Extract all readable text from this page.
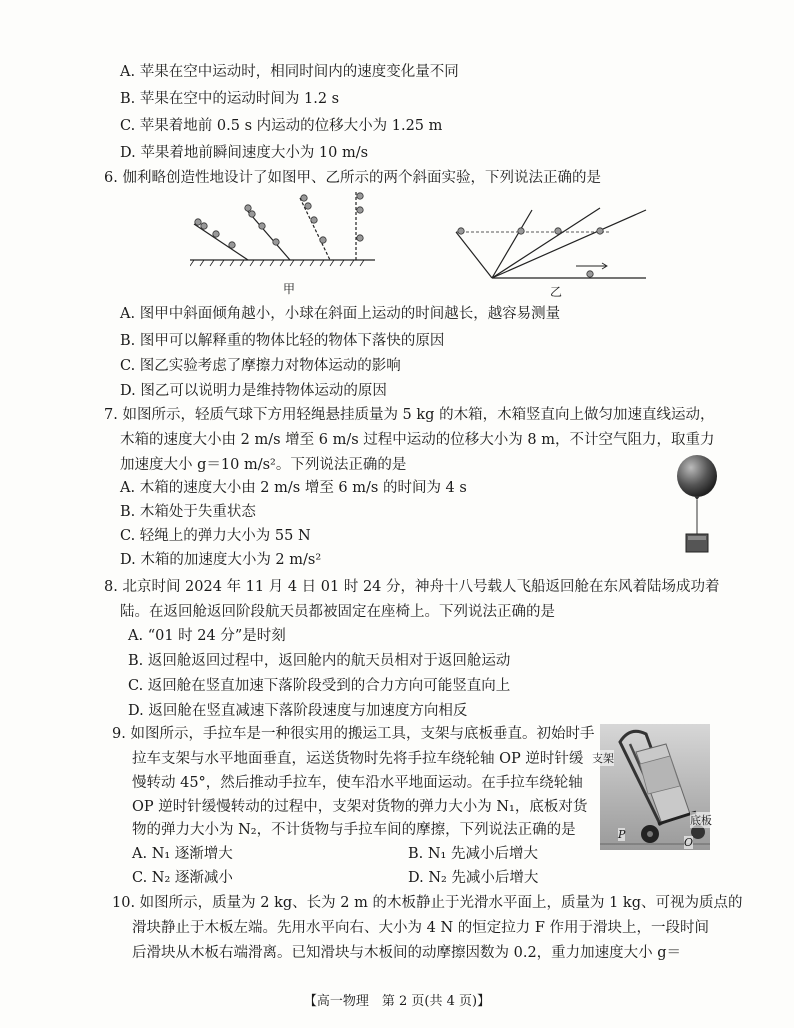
A. 苹果在空中运动时，相同时间内的速度变化量不同
B. 苹果在空中的运动时间为 1.2 s
C. 苹果着地前 0.5 s 内运动的位移大小为 1.25 m
D. 苹果着地前瞬间速度大小为 10 m/s
6. 伽利略创造性地设计了如图甲、乙所示的两个斜面实验，下列说法正确的是
甲	乙
A. 图甲中斜面倾角越小，小球在斜面上运动的时间越长，越容易测量
B. 图甲可以解释重的物体比轻的物体下落快的原因
C. 图乙实验考虑了摩擦力对物体运动的影响
D. 图乙可以说明力是维持物体运动的原因
7. 如图所示，轻质气球下方用轻绳悬挂质量为 5 kg 的木箱，木箱竖直向上做匀加速直线运动，
木箱的速度大小由 2 m/s 增至 6 m/s 过程中运动的位移大小为 8 m，不计空气阻力，取重力
加速度大小 g＝10 m/s²。下列说法正确的是
A. 木箱的速度大小由 2 m/s 增至 6 m/s 的时间为 4 s
B. 木箱处于失重状态
C. 轻绳上的弹力大小为 55 N
D. 木箱的加速度大小为 2 m/s²
8. 北京时间 2024 年 11 月 4 日 01 时 24 分，神舟十八号载人飞船返回舱在东风着陆场成功着
陆。在返回舱返回阶段航天员都被固定在座椅上。下列说法正确的是
A. “01 时 24 分”是时刻
B. 返回舱返回过程中，返回舱内的航天员相对于返回舱运动
C. 返回舱在竖直加速下落阶段受到的合力方向可能竖直向上
D. 返回舱在竖直减速下落阶段速度与加速度方向相反
9. 如图所示，手拉车是一种很实用的搬运工具，支架与底板垂直。初始时手
拉车支架与水平地面垂直，运送货物时先将手拉车绕轮轴 OP 逆时针缓
慢转动 45°，然后推动手拉车，使车沿水平地面运动。在手拉车绕轮轴
OP 逆时针缓慢转动的过程中，支架对货物的弹力大小为 N₁，底板对货
物的弹力大小为 N₂，不计货物与手拉车间的摩擦，下列说法正确的是
A. N₁ 逐渐增大	B. N₁ 先减小后增大
C. N₂ 逐渐减小	D. N₂ 先减小后增大
支架
底板
P
O
10. 如图所示，质量为 2 kg、长为 2 m 的木板静止于光滑水平面上，质量为 1 kg、可视为质点的
滑块静止于木板左端。先用水平向右、大小为 4 N 的恒定拉力 F 作用于滑块上，一段时间
后滑块从木板右端滑离。已知滑块与木板间的动摩擦因数为 0.2，重力加速度大小 g＝
【高一物理　第 2 页(共 4 页)】
